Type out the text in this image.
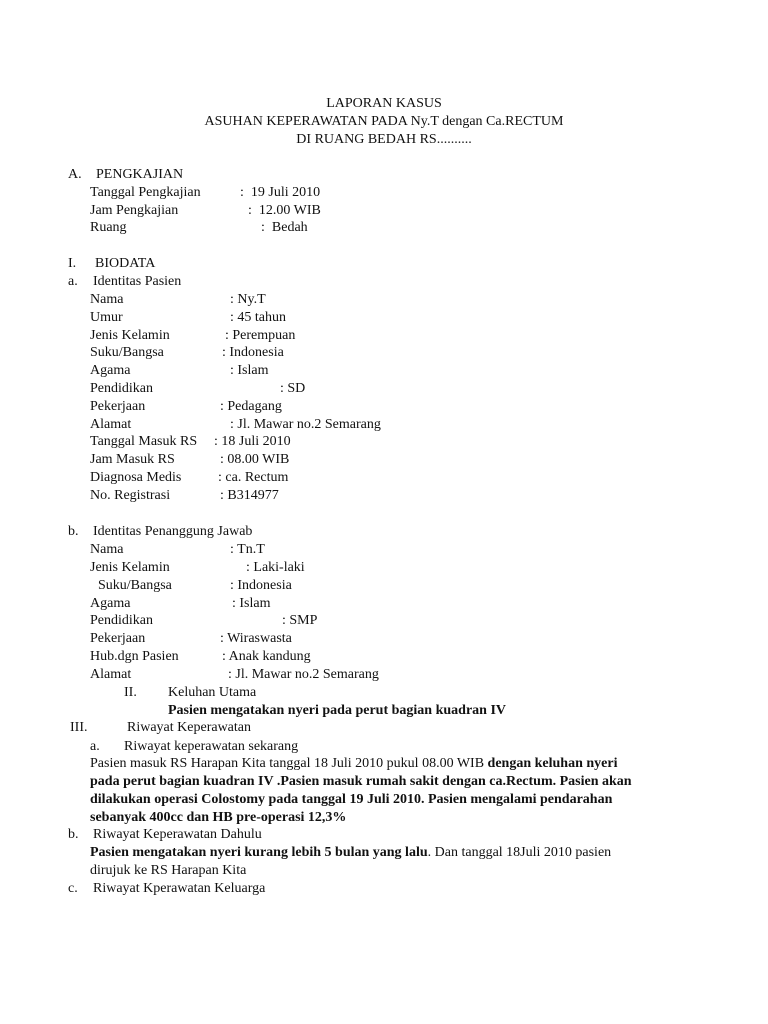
LAPORAN KASUS
ASUHAN KEPERAWATAN PADA Ny.T dengan Ca.RECTUM
DI RUANG BEDAH RS..........
A. PENGKAJIAN
Tanggal Pengkajian	: 19 Juli 2010
Jam Pengkajian	: 12.00 WIB
Ruang	: Bedah
I. BIODATA
a. Identitas Pasien
Nama	: Ny.T
Umur	: 45 tahun
Jenis Kelamin	: Perempuan
Suku/Bangsa	: Indonesia
Agama	: Islam
Pendidikan	: SD
Pekerjaan	: Pedagang
Alamat	: Jl. Mawar no.2 Semarang
Tanggal Masuk RS : 18 Juli 2010
Jam Masuk RS	: 08.00 WIB
Diagnosa Medis	: ca. Rectum
No. Registrasi	: B314977
b. Identitas Penanggung Jawab
Nama	: Tn.T
Jenis Kelamin	: Laki-laki
Suku/Bangsa	: Indonesia
Agama	: Islam
Pendidikan	: SMP
Pekerjaan	: Wiraswasta
Hub.dgn Pasien	: Anak kandung
Alamat	: Jl. Mawar no.2 Semarang
II. Keluhan Utama
Pasien mengatakan nyeri pada perut bagian kuadran IV
III.	Riwayat Keperawatan
a. Riwayat keperawatan sekarang
Pasien masuk RS Harapan Kita tanggal 18 Juli 2010 pukul 08.00 WIB dengan keluhan nyeri
pada perut bagian kuadran IV .Pasien masuk rumah sakit dengan ca.Rectum. Pasien akan
dilakukan operasi Colostomy pada tanggal 19 Juli 2010. Pasien mengalami pendarahan
sebanyak 400cc dan HB pre-operasi 12,3%
b. Riwayat Keperawatan Dahulu
Pasien mengatakan nyeri kurang lebih 5 bulan yang lalu. Dan tanggal 18Juli 2010 pasien
dirujuk ke RS Harapan Kita
c. Riwayat Kperawatan Keluarga
